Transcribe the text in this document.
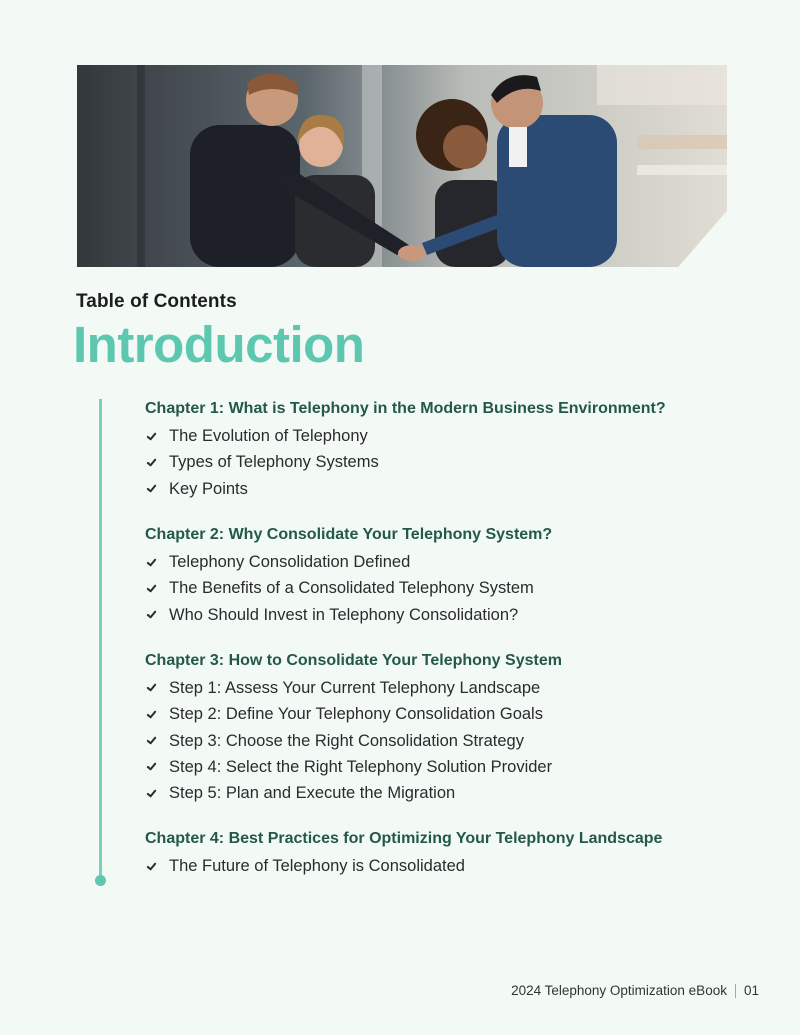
Table of Contents
Introduction
Chapter 1: What is Telephony in the Modern Business Environment?
The Evolution of Telephony
Types of Telephony Systems
Key Points
Chapter 2: Why Consolidate Your Telephony System?
Telephony Consolidation Defined
The Benefits of a Consolidated Telephony System
Who Should Invest in Telephony Consolidation?
Chapter 3: How to Consolidate Your Telephony System
Step 1: Assess Your Current Telephony Landscape
Step 2: Define Your Telephony Consolidation Goals
Step 3: Choose the Right Consolidation Strategy
Step 4: Select the Right Telephony Solution Provider
Step 5: Plan and Execute the Migration
Chapter 4: Best Practices for Optimizing Your Telephony Landscape
The Future of Telephony is Consolidated
2024 Telephony Optimization eBook 01
